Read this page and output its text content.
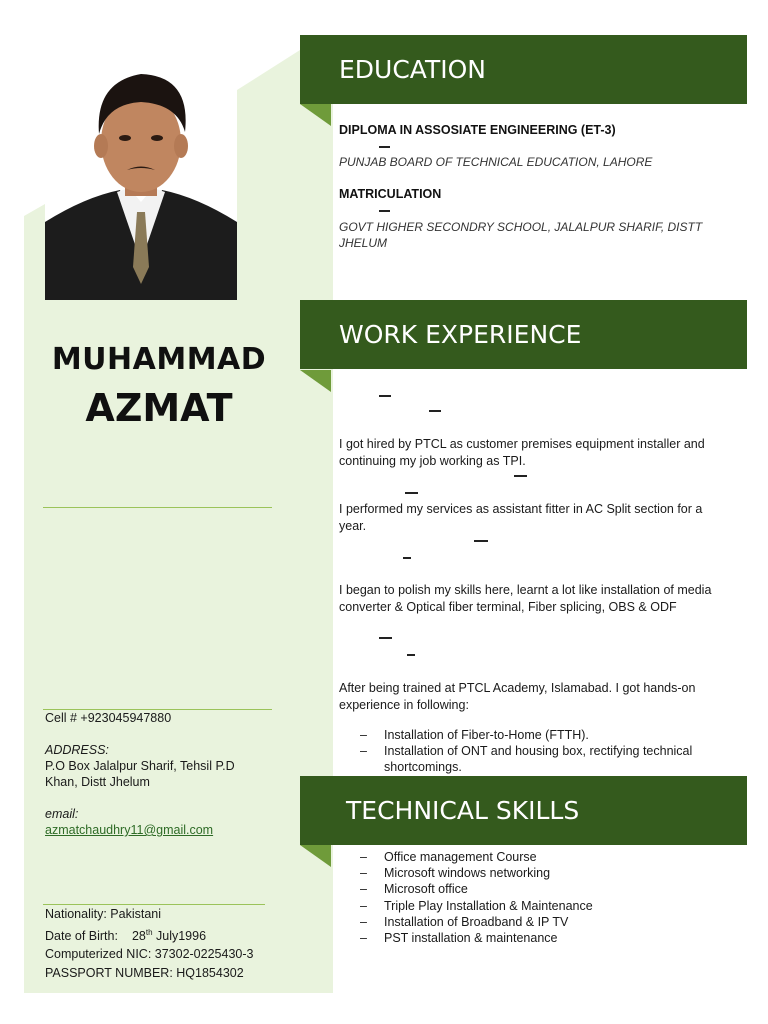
MUHAMMAD
AZMAT
Cell # +923045947880
ADDRESS:
P.O Box Jalalpur Sharif, Tehsil P.D
Khan, Distt Jhelum
email:
azmatchaudhry11@gmail.com
Nationality: Pakistani
Date of Birth: 28th July1996
Computerized NIC: 37302-0225430-3
PASSPORT NUMBER: HQ1854302
EDUCATION
DIPLOMA IN ASSOSIATE ENGINEERING (ET-3)
PUNJAB BOARD OF TECHNICAL EDUCATION, LAHORE
MATRICULATION
GOVT HIGHER SECONDRY SCHOOL, JALALPUR SHARIF, DISTT JHELUM
WORK EXPERIENCE
I got hired by PTCL as customer premises equipment installer and continuing my job working as TPI.
I performed my services as assistant fitter in AC Split section for a year.
I began to polish my skills here, learnt a lot like installation of media converter & Optical fiber terminal, Fiber splicing, OBS & ODF
After being trained at PTCL Academy, Islamabad. I got hands-on experience in following:
– Installation of Fiber-to-Home (FTTH).
– Installation of ONT and housing box, rectifying technical shortcomings.
TECHNICAL SKILLS
– Office management Course
– Microsoft windows networking
– Microsoft office
– Triple Play Installation & Maintenance
– Installation of Broadband & IP TV
– PST installation & maintenance
